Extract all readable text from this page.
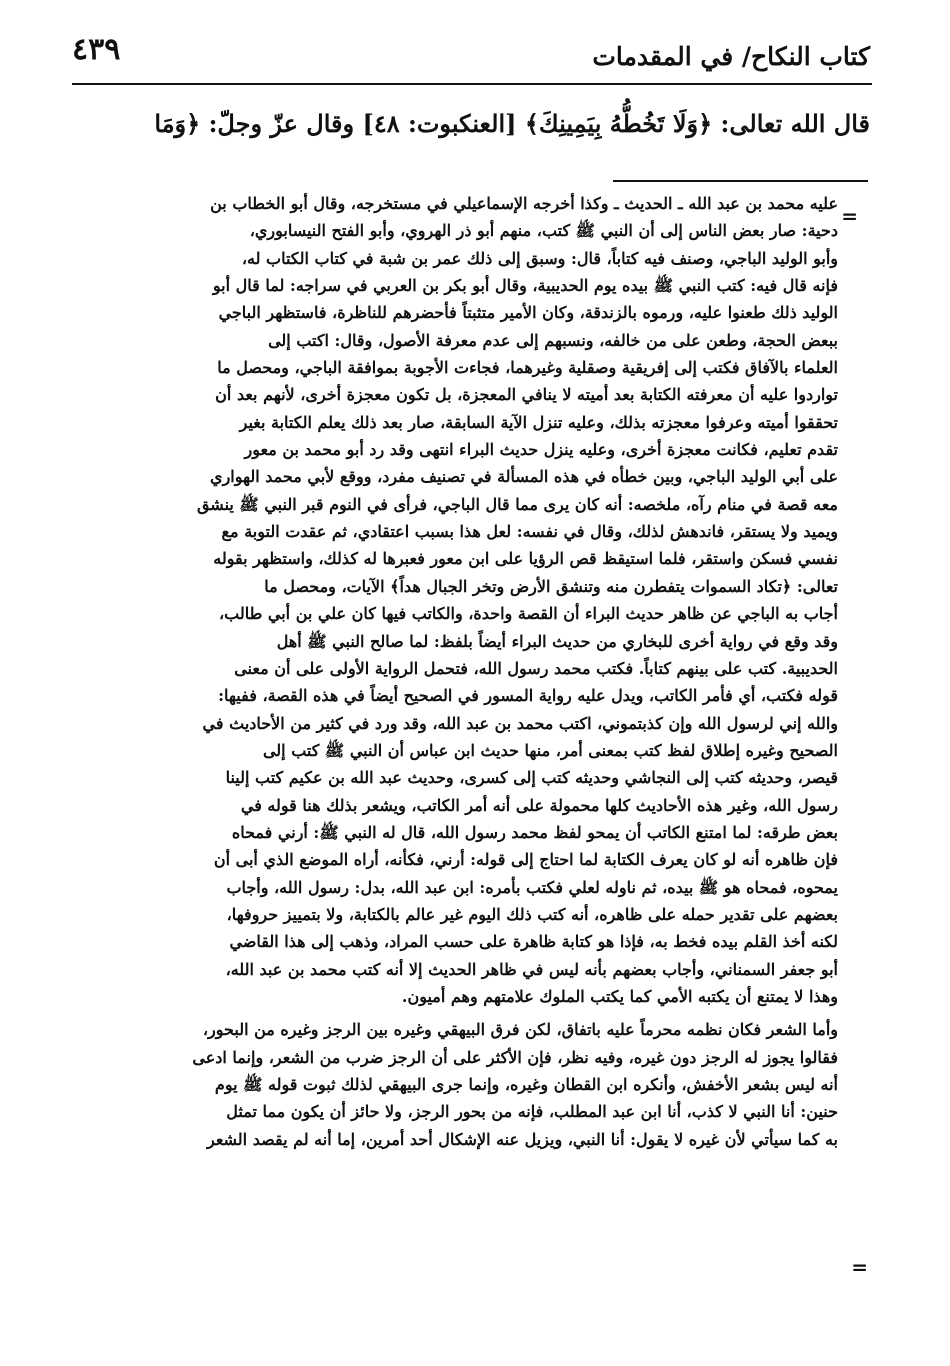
٤٣٩	كتاب النكاح/ في المقدمات
قال الله تعالى: ﴿وَلَا تَخُطُّهُ بِيَمِينِكَ﴾ [العنكبوت: ٤٨] وقال عزّ وجلّ: ﴿وَمَا
=
عليه محمد بن عبد الله ـ الحديث ـ وكذا أخرجه الإسماعيلي في مستخرجه، وقال أبو الخطاب بن
دحية: صار بعض الناس إلى أن النبي ﷺ كتب، منهم أبو ذر الهروي، وأبو الفتح النيسابوري،
وأبو الوليد الباجي، وصنف فيه كتاباً، قال: وسبق إلى ذلك عمر بن شبة في كتاب الكتاب له،
فإنه قال فيه: كتب النبي ﷺ بيده يوم الحديبية، وقال أبو بكر بن العربي في سراجه: لما قال أبو
الوليد ذلك طعنوا عليه، ورموه بالزندقة، وكان الأمير متثبتاً فأحضرهم للناظرة، فاستظهر الباجي
ببعض الحجة، وطعن على من خالفه، ونسبهم إلى عدم معرفة الأصول، وقال: اكتب إلى
العلماء بالآفاق فكتب إلى إفريقية وصقلية وغيرهما، فجاءت الأجوبة بموافقة الباجي، ومحصل ما
تواردوا عليه أن معرفته الكتابة بعد أميته لا ينافي المعجزة، بل تكون معجزة أخرى، لأنهم بعد أن
تحققوا أميته وعرفوا معجزته بذلك، وعليه تنزل الآية السابقة، صار بعد ذلك يعلم الكتابة بغير
تقدم تعليم، فكانت معجزة أخرى، وعليه ينزل حديث البراء انتهى وقد رد أبو محمد بن معور
على أبي الوليد الباجي، وبين خطأه في هذه المسألة في تصنيف مفرد، ووقع لأبي محمد الهواري
معه قصة في منام رآه، ملخصه: أنه كان يرى مما قال الباجي، فرأى في النوم قبر النبي ﷺ ينشق
ويميد ولا يستقر، فاندهش لذلك، وقال في نفسه: لعل هذا بسبب اعتقادي، ثم عقدت التوبة مع
نفسي فسكن واستقر، فلما استيقظ قص الرؤيا على ابن معور فعبرها له كذلك، واستظهر بقوله
تعالى: ﴿تكاد السموات يتفطرن منه وتنشق الأرض وتخر الجبال هداً﴾ الآيات، ومحصل ما
أجاب به الباجي عن ظاهر حديث البراء أن القصة واحدة، والكاتب فيها كان علي بن أبي طالب،
وقد وقع في رواية أخرى للبخاري من حديث البراء أيضاً بلفظ: لما صالح النبي ﷺ أهل
الحديبية. كتب على بينهم كتاباً. فكتب محمد رسول الله، فتحمل الرواية الأولى على أن معنى
قوله فكتب، أي فأمر الكاتب، ويدل عليه رواية المسور في الصحيح أيضاً في هذه القصة، ففيها:
والله إني لرسول الله وإن كذبتموني، اكتب محمد بن عبد الله، وقد ورد في كثير من الأحاديث في
الصحيح وغيره إطلاق لفظ كتب بمعنى أمر، منها حديث ابن عباس أن النبي ﷺ كتب إلى
قيصر، وحديثه كتب إلى النجاشي وحديثه كتب إلى كسرى، وحديث عبد الله بن عكيم كتب إلينا
رسول الله، وغير هذه الأحاديث كلها محمولة على أنه أمر الكاتب، ويشعر بذلك هنا قوله في
بعض طرقه: لما امتنع الكاتب أن يمحو لفظ محمد رسول الله، قال له النبي ﷺ: أرني فمحاه
فإن ظاهره أنه لو كان يعرف الكتابة لما احتاج إلى قوله: أرني، فكأنه، أراه الموضع الذي أبى أن
يمحوه، فمحاه هو ﷺ بيده، ثم ناوله لعلي فكتب بأمره: ابن عبد الله، بدل: رسول الله، وأجاب
بعضهم على تقدير حمله على ظاهره، أنه كتب ذلك اليوم غير عالم بالكتابة، ولا بتمييز حروفها،
لكنه أخذ القلم بيده فخط به، فإذا هو كتابة ظاهرة على حسب المراد، وذهب إلى هذا القاضي
أبو جعفر السمناني، وأجاب بعضهم بأنه ليس في ظاهر الحديث إلا أنه كتب محمد بن عبد الله،
وهذا لا يمتنع أن يكتبه الأمي كما يكتب الملوك علامتهم وهم أميون.
وأما الشعر فكان نظمه محرماً عليه باتفاق، لكن فرق البيهقي وغيره بين الرجز وغيره من البحور،
فقالوا يجوز له الرجز دون غيره، وفيه نظر، فإن الأكثر على أن الرجز ضرب من الشعر، وإنما ادعى
أنه ليس بشعر الأخفش، وأنكره ابن القطان وغيره، وإنما جرى البيهقي لذلك ثبوت قوله ﷺ يوم
حنين: أنا النبي لا كذب، أنا ابن عبد المطلب، فإنه من بحور الرجز، ولا حائز أن يكون مما تمثل
به كما سيأتي لأن غيره لا يقول: أنا النبي، ويزيل عنه الإشكال أحد أمرين، إما أنه لم يقصد الشعر
=
